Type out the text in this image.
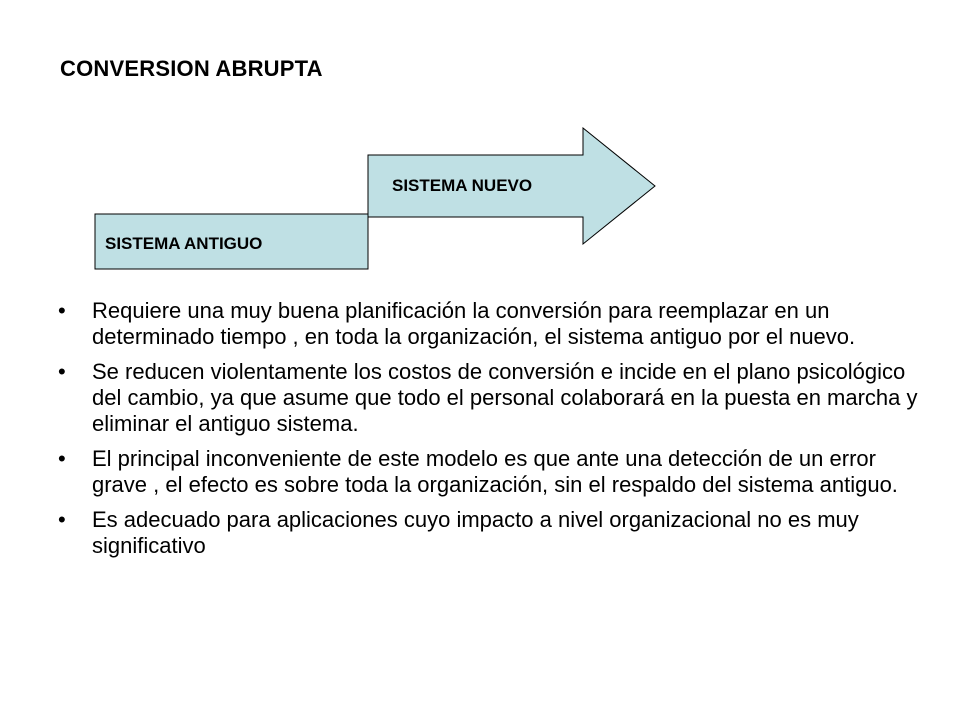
CONVERSION ABRUPTA
SISTEMA ANTIGUO
SISTEMA NUEVO
• Requiere una muy buena planificación la conversión para reemplazar en un determinado tiempo , en toda la organización, el sistema antiguo por el nuevo.
• Se reducen violentamente los costos de conversión e incide en el plano psicológico del cambio, ya que asume que todo el personal colaborará en la puesta en marcha y eliminar el antiguo sistema.
• El principal inconveniente de este modelo es que ante una detección de un error grave , el efecto es sobre toda la organización, sin el respaldo del sistema antiguo.
• Es adecuado para aplicaciones cuyo impacto a nivel organizacional no es muy significativo
